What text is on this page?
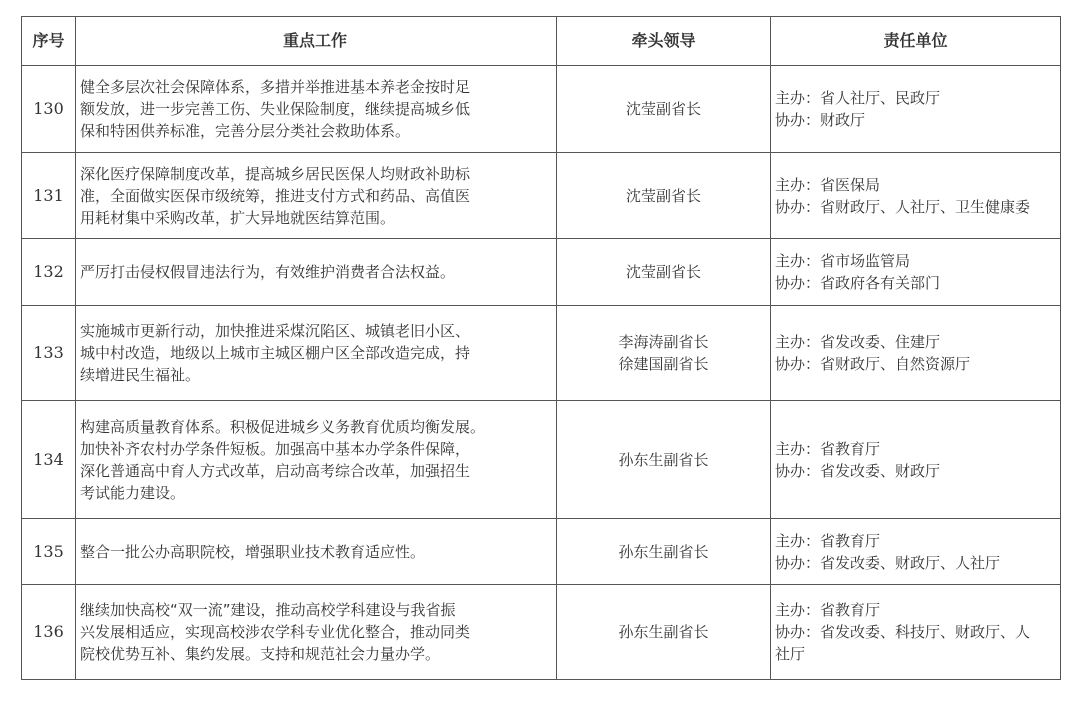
序号	重点工作	牵头领导	责任单位
130	健全多层次社会保障体系，多措并举推进基本养老金按时足
额发放，进一步完善工伤、失业保险制度，继续提高城乡低
保和特困供养标准，完善分层分类社会救助体系。	沈莹副省长	主办：省人社厅、民政厅
协办：财政厅

131	深化医疗保障制度改革，提高城乡居民医保人均财政补助标
准，全面做实医保市级统筹，推进支付方式和药品、高值医
用耗材集中采购改革，扩大异地就医结算范围。	沈莹副省长	主办：省医保局
协办：省财政厅、人社厅、卫生健康委

132	严厉打击侵权假冒违法行为，有效维护消费者合法权益。	沈莹副省长	主办：省市场监管局
协办：省政府各有关部门

133	实施城市更新行动，加快推进采煤沉陷区、城镇老旧小区、
城中村改造，地级以上城市主城区棚户区全部改造完成，持
续增进民生福祉。	李海涛副省长
徐建国副省长	主办：省发改委、住建厅
协办：省财政厅、自然资源厅

134	构建高质量教育体系。积极促进城乡义务教育优质均衡发展。
加快补齐农村办学条件短板。加强高中基本办学条件保障，
深化普通高中育人方式改革，启动高考综合改革，加强招生
考试能力建设。	孙东生副省长	主办：省教育厅
协办：省发改委、财政厅

135	整合一批公办高职院校，增强职业技术教育适应性。	孙东生副省长	主办：省教育厅
协办：省发改委、财政厅、人社厅

136	继续加快高校“双一流”建设，推动高校学科建设与我省振
兴发展相适应，实现高校涉农学科专业优化整合，推动同类
院校优势互补、集约发展。支持和规范社会力量办学。	孙东生副省长	主办：省教育厅
协办：省发改委、科技厅、财政厅、人
社厅
